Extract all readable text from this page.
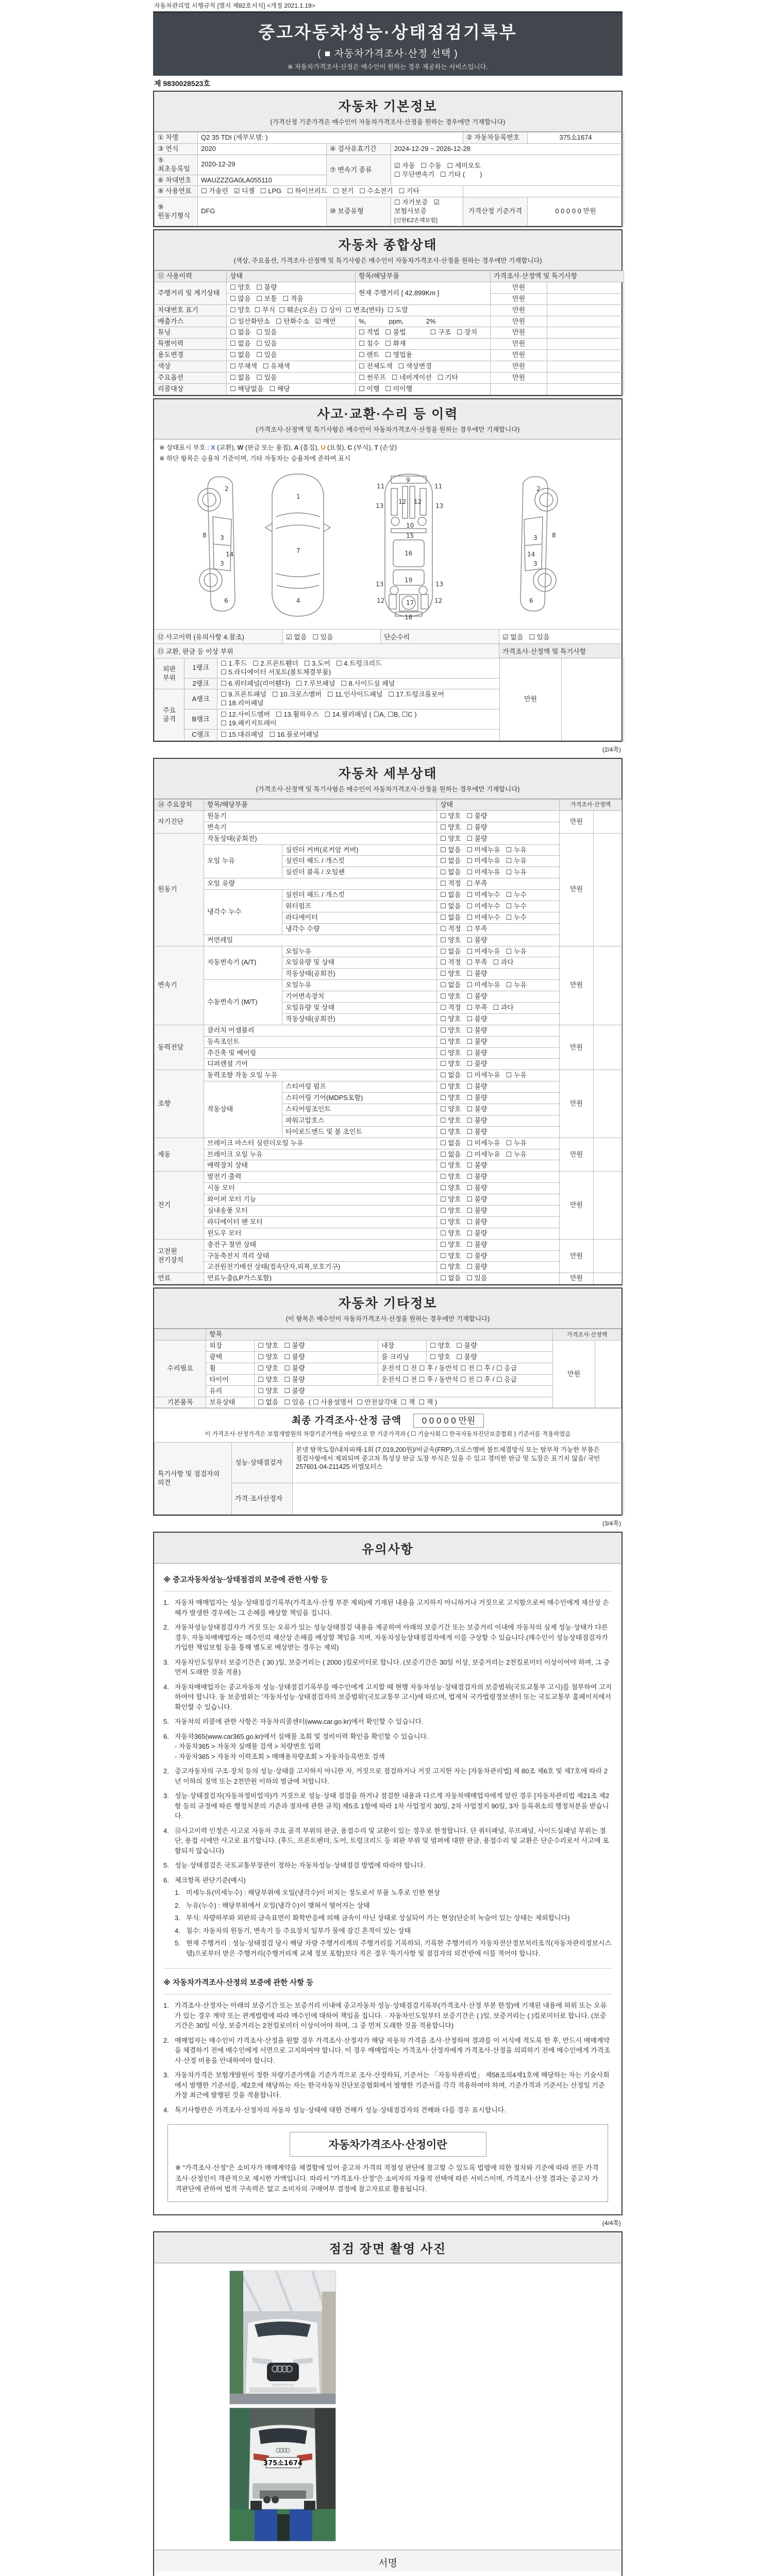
자동차관리법 시행규칙 [별지 제82호서식] <개정 2021.1.19>
중고자동차성능·상태점검기록부
( ■ 자동차가격조사·산정 선택 )
※ 자동차가격조사·산정은 매수인이 원하는 경우 제공하는 서비스입니다.
제 9830028523호
자동차 기본정보
(가격산정 기준가격은 매수인이 자동차가격조사·산정을 원하는 경우에만 기재합니다)
① 차명	Q2 35 TDI (세부모델: )			② 자동차등록번호	375소1674
③ 연식	2020	④ 검사유효기간	2024-12-29 ~ 2026-12-28		
⑤ 최초등록일	2020-12-29	⑦ 변속기 종류	☑ 자동   ☐ 수동   ☐ 세미오토
☐ 무단변속기   ☐ 기타 (        )		

⑥ 차대번호	WAUZZZGA0LA055110				
⑧ 사용연료	☐ 가솔린   ☑ 디젤   ☐ LPG   ☐ 하이브리드   ☐ 전기   ☐ 수소전기   ☐ 기타				
⑨ 원동기형식	DFG	⑩ 보증유형	☐ 자가보증   ☑ 보험사보증 [신한EZ손해보험]	가격산정 기준가격	0 0 0 0 0 만원
자동차 종합상태
(색상, 주요옵션, 가격조사·산정액 및 특기사항은 매수인이 자동차가격조사·산정을 원하는 경우에만 기재합니다)
⑪ 사용이력	상태	항목/해당부품	가격조사·산정액 및 특기사항	
주행거리 및 계기상태	☐ 양호   ☐ 불량	현재 주행거리 [ 42,899Km ]	만원	
	☐ 많음   ☐ 보통   ☐ 적음		만원	
차대번호 표기	☐ 양호  ☐ 부식  ☐ 훼손(오손)  ☐ 상이  ☐ 변조(변타)  ☐ 도말		만원	
배출가스	☐ 일산화탄소   ☐ 탄화수소   ☑ 매연	%,            ppm,            2%	만원	
튜닝	☐ 없음   ☐ 있음	☐ 적법   ☐ 불법             ☐ 구조   ☐ 장치	만원	
특별이력	☐ 없음   ☐ 있음	☐ 침수   ☐ 화재	만원	
용도변경	☐ 없음   ☐ 있음	☐ 렌트   ☐ 영업용	만원	
색상	☐ 무채색   ☐ 유채색	☐ 전체도색   ☐ 색상변경	만원	
주요옵션	☐ 없음   ☐ 있음	☐ 썬루프   ☐ 네비게이션   ☐ 기타	만원	
리콜대상	☐ 해당없음   ☐ 해당	☐ 이행   ☐ 미이행		
사고·교환·수리 등 이력
(가격조사·산정액 및 특기사항은 매수인이 자동차가격조사·산정을 원하는 경우에만 기재합니다)
※ 상태표시 부호 : X (교환), W (판금 또는 용접), A (흠집), U (요철), C (부식), T (손상)
※ 하단 항목은 승용차 기준이며, 기타 자동차는 승용차에 준하여 표시
2
8 3
14
3
6
1
7
4
11
9
11
13
12 12
13
10
15
16
13
19
13
12	17	12
18
2
8
3
14
3
6
⑫ 사고이력 (유의사항 4.참조)	☑ 없음   ☐ 있음	단순수리	☑ 없음   ☐ 있음
⑬ 교환, 판금 등 이상 부위	가격조사·산정액 및 특기사항
외판 부위	1랭크	☐ 1.후드   ☐ 2.프론트휀더   ☐ 3.도어   ☐ 4.트렁크리드
☐ 5.라디에이터 서포트(볼트체결부품)	만원	
	2랭크	☐ 6.쿼터패널(리어휀다)   ☐ 7.루브패널   ☐ 8.사이드실 패널		
주요 골격	A랭크	☐ 9.프론트패널   ☐ 10.크로스멤버   ☐ 11.인사이드패널   ☐ 17.트렁크플로어
☐ 18.리어패널		

	B랭크	☐ 12.사이드멤버   ☐ 13.휠하우스   ☐ 14.필러패널 ( ☐A, ☐B, ☐C )
☐ 19.패키지트레이		

	C랭크	☐ 15.대쉬패널   ☐ 16.플로어패널		
(2/4쪽)
자동차 세부상태
(가격조사·산정액 및 특기사항은 매수인이 자동차가격조사·산정을 원하는 경우에만 기재합니다)
⑭ 주요장치	항목/해당부품		상태	가격조사·산정액	
자기진단	원동기		☐ 양호   ☐ 불량	만원	
	변속기		☐ 양호   ☐ 불량		
원동기	작동상태(공회전)		☐ 양호   ☐ 불량	만원	
	오일 누유	실린더 커버(로커암 커버)	☐ 없음   ☐ 미세누유   ☐ 누유		
		실린더 헤드 / 개스킷	☐ 없음   ☐ 미세누유   ☐ 누유		
		실린더 블록 / 오일팬	☐ 없음   ☐ 미세누유   ☐ 누유		
	오일 유량		☐ 적정   ☐ 부족		
	냉각수 누수	실린더 헤드 / 개스킷	☐ 없음   ☐ 미세누수   ☐ 누수		
		워터펌프	☐ 없음   ☐ 미세누수   ☐ 누수		
		라디에이터	☐ 없음   ☐ 미세누수   ☐ 누수		
		냉각수 수량	☐ 적정   ☐ 부족		
	커먼레일		☐ 양호   ☐ 불량		
변속기	자동변속기 (A/T)	오일누유	☐ 없음   ☐ 미세누유   ☐ 누유	만원	
		오일유량 및 상태	☐ 적정   ☐ 부족   ☐ 과다		
		작동상태(공회전)	☐ 양호   ☐ 불량		
	수동변속기 (M/T)	오일누유	☐ 없음   ☐ 미세누유   ☐ 누유		
		기어변속장치	☐ 양호   ☐ 불량		
		오일유량 및 상태	☐ 적정   ☐ 부족   ☐ 과다		
		작동상태(공회전)	☐ 양호   ☐ 불량		
동력전달	클러치 어셈블리		☐ 양호   ☐ 불량	만원	
	등속조인트		☐ 양호   ☐ 불량		
	추진축 및 베어링		☐ 양호   ☐ 불량		
	디퍼렌셜 기어		☐ 양호   ☐ 불량		
조향	동력조향 작동 오일 누유		☐ 없음   ☐ 미세누유   ☐ 누유	만원	
	작동상태	스티어링 펌프	☐ 양호   ☐ 불량		
		스티어링 기어(MDPS포함)	☐ 양호   ☐ 불량		
		스티어링조인트	☐ 양호   ☐ 불량		
		파워고압호스	☐ 양호   ☐ 불량		
		타이로드엔드 및 볼 조인트	☐ 양호   ☐ 불량		
제동	브레이크 마스터 실린더오일 누유		☐ 없음   ☐ 미세누유   ☐ 누유	만원	
	브레이크 오일 누유		☐ 없음   ☐ 미세누유   ☐ 누유		
	배력장치 상태		☐ 양호   ☐ 불량		
전기	발전기 출력		☐ 양호   ☐ 불량	만원	
	시동 모터		☐ 양호   ☐ 불량		
	와이퍼 모터 기능		☐ 양호   ☐ 불량		
	실내송풍 모터		☐ 양호   ☐ 불량		
	라디에이터 팬 모터		☐ 양호   ☐ 불량		
	윈도우 모터		☐ 양호   ☐ 불량		
고전원 전기장치	충전구 절연 상태		☐ 양호   ☐ 불량	만원	
	구동축전지 격리 상태		☐ 양호   ☐ 불량		
	고전원전기배선 상태(접속단자,피복,보호기구)		☐ 양호   ☐ 불량		
연료	연료누출(LP가스포함)		☐ 없음   ☐ 있음	만원	
자동차 기타정보
(이 항목은 매수인이 자동차가격조사·산정을 원하는 경우에만 기재합니다)
	항목				가격조사·산정액	
수리필요	외장	☐ 양호   ☐ 불량	내장	☐ 양호   ☐ 불량	만원	
	광택	☐ 양호   ☐ 불량	룸 크리닝	☐ 양호   ☐ 불량		
	휠	☐ 양호   ☐ 불량	운전석 ☐ 전 ☐ 후 / 동반석 ☐ 전 ☐ 후 / ☐ 응급			
	타이어	☐ 양호   ☐ 불량	운전석 ☐ 전 ☐ 후 / 동반석 ☐ 전 ☐ 후 / ☐ 응급			
	유리	☐ 양호   ☐ 불량				
기본품목	보유상태	☐ 없음   ☐ 있음  ( ☐ 사용설명서  ☐ 안전삼각대  ☐ 잭  ☐ 잭 )				
최종 가격조사·산정 금액 0 0 0 0 0 만원
이 가격조사·산정가격은 보험개발원의 차량기준가액을 바탕으로 한 기준가격과 ( ☐ 기술사회 ☐ 한국자동차진단보증협회 ) 기준서를 적용하였음
특기사항 및 점검자의 의견	성능·상태점검자	본넷 탈착도장/내차피해-1회 (7,019,200원)/비금속(FRP),크로스멤버 볼트체결방식 또는 탈부착 가능한 부품은 점검사항에서 제외되며 중고차 특성상 판금 도장 부식은 있을 수 있고 경미한 판금 및 도장은 표기치 않음/ 국민 257601-04-211425 비엠모터스
	가격·조사산정자	
(3/4쪽)
유의사항
※ 중고자동차성능·상태점검의 보증에 관한 사항 등
1. 자동차 매매업자는 성능·상태점검기록부(가격조사·산정 부분 제외)에 기재된 내용을 고지하지 아니하거나 거짓으로 고지함으로써 매수인에게 재산상 손해가 발생한 경우에는 그 손해를 배상할 책임을 집니다.
2. 자동차성능상태점검자가 거짓 또는 오류가 있는 성능상태점검 내용을 제공하여 아래의 보증기간 또는 보증거리 이내에 자동차의 실제 성능·상태가 다른 경우, 자동차매매업자는 매수인의 재산상 손해를 배상할 책임을 지며, 자동차성능상태점검자에게 이를 구상할 수 있습니다.(매수인이 성능상태점검자가 가입한 책임보험 등을 통해 별도로 배상받는 경우는 제외)
3. 자동차인도일부터 보증기간은 ( 30 )일, 보증거리는 ( 2000 )킬로미터로 합니다. (보증기간은 30일 이상, 보증거리는 2천킬로미터 이상이어야 하며, 그 중 먼저 도래한 것을 적용)
4. 자동차매매업자는 중고자동차 성능·상태점검기록부를 매수인에게 고지할 때 현행 자동차성능·상태점검자의 보증범위(국토교통부 고시)를 첨부하여 고지하여야 합니다. 동 보증범위는 '자동차성능·상태점검자의 보증범위'(국토교통부 고시)에 따르며, 법제처 국가법령정보센터 또는 국토교통부 홈페이지에서 확인할 수 있습니다.
5. 자동차의 리콜에 관한 사항은 자동차리콜센터(www.car.go.kr)에서 확인할 수 있습니다.
6. 자동차365(www.car365.go.kr)에서 실매물 조회 및 정비이력 확인을 확인할 수 있습니다.
- 자동차365 > 자동차 실매물 검색 > 차량번호 입력
- 자동차365 > 자동차 이력조회 > 매매용차량조회 > 자동차등록번호 검색
2. 중고자동차의 구조·장치 등의 성능·상태를 고지하지 아니한 자, 거짓으로 점검하거나 거짓 고지한 자는 [자동차관리법] 제 80조 제6호 및 제7호에 따라 2년 이하의 징역 또는 2천만원 이하의 벌금에 처합니다.
3. 성능·상태점검자(자동차정비업자)가 거짓으로 성능·상태 점검을 하거나 점검한 내용과 다르게 자동차매매업자에게 알린 경우 [자동차관리법 제21조 제2항 등의 규정에 따른 행정처분의 기준과 절차에 관한 규칙] 제5조 1항에 따라 1차 사업정지 30일, 2차 사업정지 90일, 3차 등록취소의 행정처분을 받습니다.
4. ⑫사고이력 인정은 사고로 자동차 주요 골격 부위의 판금, 용접수리 및 교환이 있는 경우로 한정합니다. 단 쿼터패널, 루프패널, 사이드실패널 부위는 절단, 용접 시에만 사고로 표기합니다. (후드, 프론트펜더, 도어, 트렁크리드 등 외판 부위 및 범퍼에 대한 판금, 용접수리 및 교환은 단순수리로서 사고에 포함되지 않습니다)
5. 성능·상태점검은 국토교통부장관이 정하는 자동차성능·상태점검 방법에 따라야 합니다.
6. 체크항목 판단기준(예시)
1. 미세누유(미세누수) : 해당부위에 오일(냉각수)이 비치는 정도로서 부품 노후로 인한 현상
2. 누유(누수) : 해당부위에서 오일(냉각수)이 맺혀서 떨어지는 상태
3. 부식: 차량하부와 외판의 금속표면이 화학반응에 의해 금속이 아닌 상태로 상실되어 가는 현상(단순히 녹슬어 있는 상태는 제외합니다)
4. 침수: 자동차의 원동기, 변속기 등 주요장치 일부가 물에 잠긴 흔적이 있는 상태
5. 현재 주행거리 : 성능·상태점검 당시 해당 차량 주행거리계의 주행거리를 기록하되, 기록한 주행거리가 자동차전산정보처리조직(자동차관리정보시스템)으로부터 받은 주행거리(주행거리계 교체 정보 포함)보다 적은 경우 '특기사항 및 점검자의 의견'란에 이를 적어야 합니다.
※ 자동차가격조사·산정의 보증에 관한 사항 등
1. 가격조사·산정자는 아래의 보증기간 또는 보증거리 이내에 중고자동차 성능·상태점검기록부(가격조사·산정 부분 한정)에 기재된 내용에 허위 또는 오류가 있는 경우 계약 또는 관계법령에 따라 매수인에 대하여 책임을 집니다. · 자동차인도일부터 보증기간은 ( )일, 보증거리는 ( )킬로미터로 합니다. (보증기간은 30일 이상, 보증거리는 2천킬로미터 이상이어야 하며, 그 중 먼저 도래한 것을 적용합니다)
2. 매매업자는 매수인이 가격조사·산정을 원할 경우 가격조사·산정자가 해당 자동차 가격을 조사·산정하여 결과를 이 서식에 적도록 한 후, 반드시 매매계약을 체결하기 전에 매수인에게 서면으로 고지하여야 합니다. 이 경우 매매업자는 가격조사·산정자에게 가격조사·산정을 의뢰하기 전에 매수인에게 가격조사·산정 비용을 안내하여야 합니다.
3. 자동차가격은 보험개발원이 정한 차량기준가액을 기준가격으로 조사·산정하되, 기준서는 「자동차관리법」 제58조의4제1호에 해당하는 자는 기술사회에서 발행한 기준서를, 제2호에 해당하는 자는 한국자동차진단보증협회에서 발행한 기준서를 각각 적용하여야 하며, 기준가격과 기준서는 산정일 기준 가장 최근에 발행된 것을 적용합니다.
4. 특기사항란은 가격조사·산정자의 자동차 성능·상태에 대한 견해가 성능·상태점검자의 견해와 다를 경우 표시합니다.
자동차가격조사·산정이란
※ "가격조사·산정"은 소비자가 매매계약을 체결함에 있어 중고차 가격의 적절성 판단에 참고할 수 있도록 법령에 의한 절차와 기준에 따라 전문 가격조사·산정인이 객관적으로 제시한 가액입니다. 따라서 "가격조사·산정"은 소비자의 자율적 선택에 따른 서비스이며, 가격조사·산정 결과는 중고차 가격판단에 관하여 법적 구속력은 없고 소비자의 구매여부 결정에 참고자료로 활용됩니다.
(4/4쪽)
점검 장면 촬영 사진
375소1674
서명
